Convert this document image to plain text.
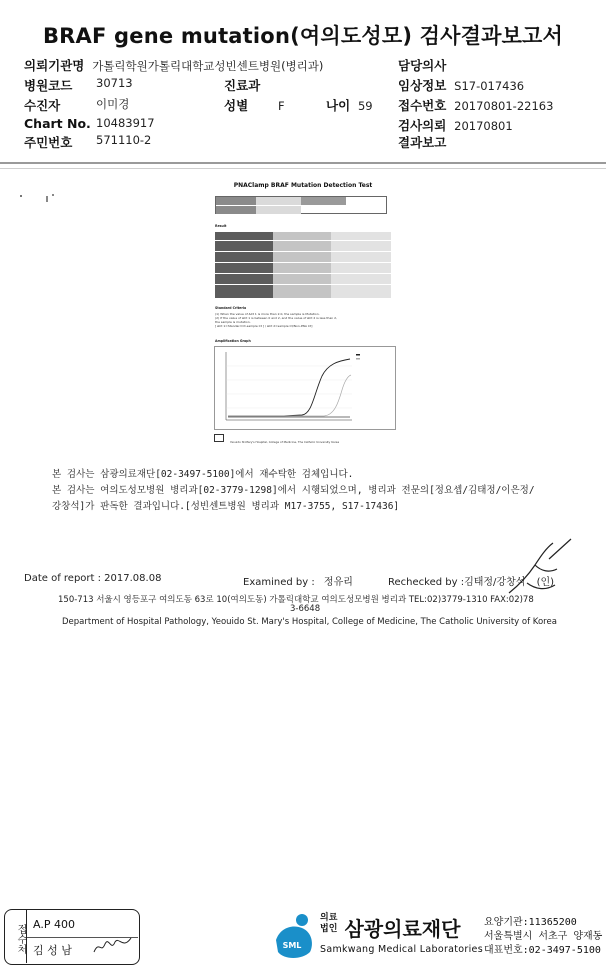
BRAF gene mutation(여의도성모) 검사결과보고서
의뢰기관명 가톨릭학원가톨릭대학교성빈센트병원(병리과)	담당의사
병원코드 30713	진료과	임상정보 S17-017436
수진자	이미경	성별	F	나이 59 접수번호 20170801-22163
Chart No. 10483917	검사의뢰 20170801
주민번호 571110-2	결과보고
PNAClamp BRAF Mutation Detection Test
Result
Standard Criteria
(1) When the value of ΔCt 1 is more than 2.0, the sample is Mutation.
(2) If the value of ΔCt 1 is between 0 and 2, and the value of ΔCt 2 is less than 2,
the sample is mutation.
[ ΔCt 1=Standard Ct-sample Ct ] / ΔCt 2=sample Ct/Non-PNA Ct]
Amplification Graph
Yeouido St.Mary's Hospital, College of Medicine, The Catholic University Korea
본 검사는 삼광의료재단[02-3497-5100]에서 재수탁한 검체입니다.
본 검사는 여의도성모병원 병리과[02-3779-1298]에서 시행되었으며, 병리과 전문의[정요셉/김태정/이은정/
강창석]가 판독한 결과입니다.[성빈센트병원 병리과 M17-3755, S17-17436]
Date of report : 2017.08.08	Examined by : 정유리	Rechecked by :김태정/강창석 (인)
150-713 서울시 영등포구 여의도동 63로 10(여의도동) 가톨릭대학교 여의도성모병원 병리과 TEL:02)3779-1310 FAX:02)78
3-6648
Department of Hospital Pathology, Yeouido St. Mary's Hospital, College of Medicine, The Catholic University of Korea
접수처 A.P 400
김 성 남	SML
의료
법인 삼광의료재단
Samkwang Medical Laboratories
요양기관:11365200
서울특별시 서초구 양재동
대표번호:02-3497-5100
